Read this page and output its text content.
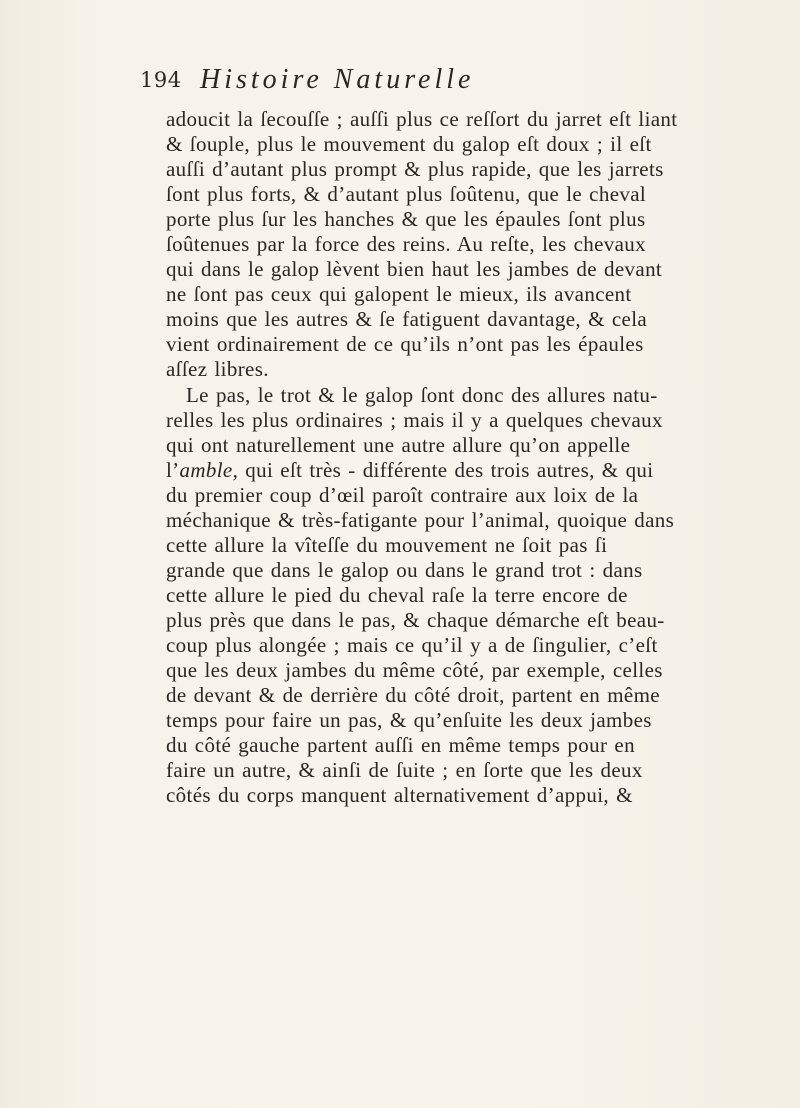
194 Histoire Naturelle
adoucit la ſecouſſe ; auſſi plus ce reſſort du jarret eſt liant
& ſouple, plus le mouvement du galop eſt doux ; il eſt
auſſi d’autant plus prompt & plus rapide, que les jarrets
ſont plus forts, & d’autant plus ſoûtenu, que le cheval
porte plus ſur les hanches & que les épaules ſont plus
ſoûtenues par la force des reins. Au reſte, les chevaux
qui dans le galop lèvent bien haut les jambes de devant
ne ſont pas ceux qui galopent le mieux, ils avancent
moins que les autres & ſe fatiguent davantage, & cela
vient ordinairement de ce qu’ils n’ont pas les épaules
aſſez libres.
Le pas, le trot & le galop ſont donc des allures natu-
relles les plus ordinaires ; mais il y a quelques chevaux
qui ont naturellement une autre allure qu’on appelle
l’amble, qui eſt très - différente des trois autres, & qui
du premier coup d’œil paroît contraire aux loix de la
méchanique & très-fatigante pour l’animal, quoique dans
cette allure la vîteſſe du mouvement ne ſoit pas ſi
grande que dans le galop ou dans le grand trot : dans
cette allure le pied du cheval raſe la terre encore de
plus près que dans le pas, & chaque démarche eſt beau-
coup plus alongée ; mais ce qu’il y a de ſingulier, c’eſt
que les deux jambes du même côté, par exemple, celles
de devant & de derrière du côté droit, partent en même
temps pour faire un pas, & qu’enſuite les deux jambes
du côté gauche partent auſſi en même temps pour en
faire un autre, & ainſi de ſuite ; en ſorte que les deux
côtés du corps manquent alternativement d’appui, &
